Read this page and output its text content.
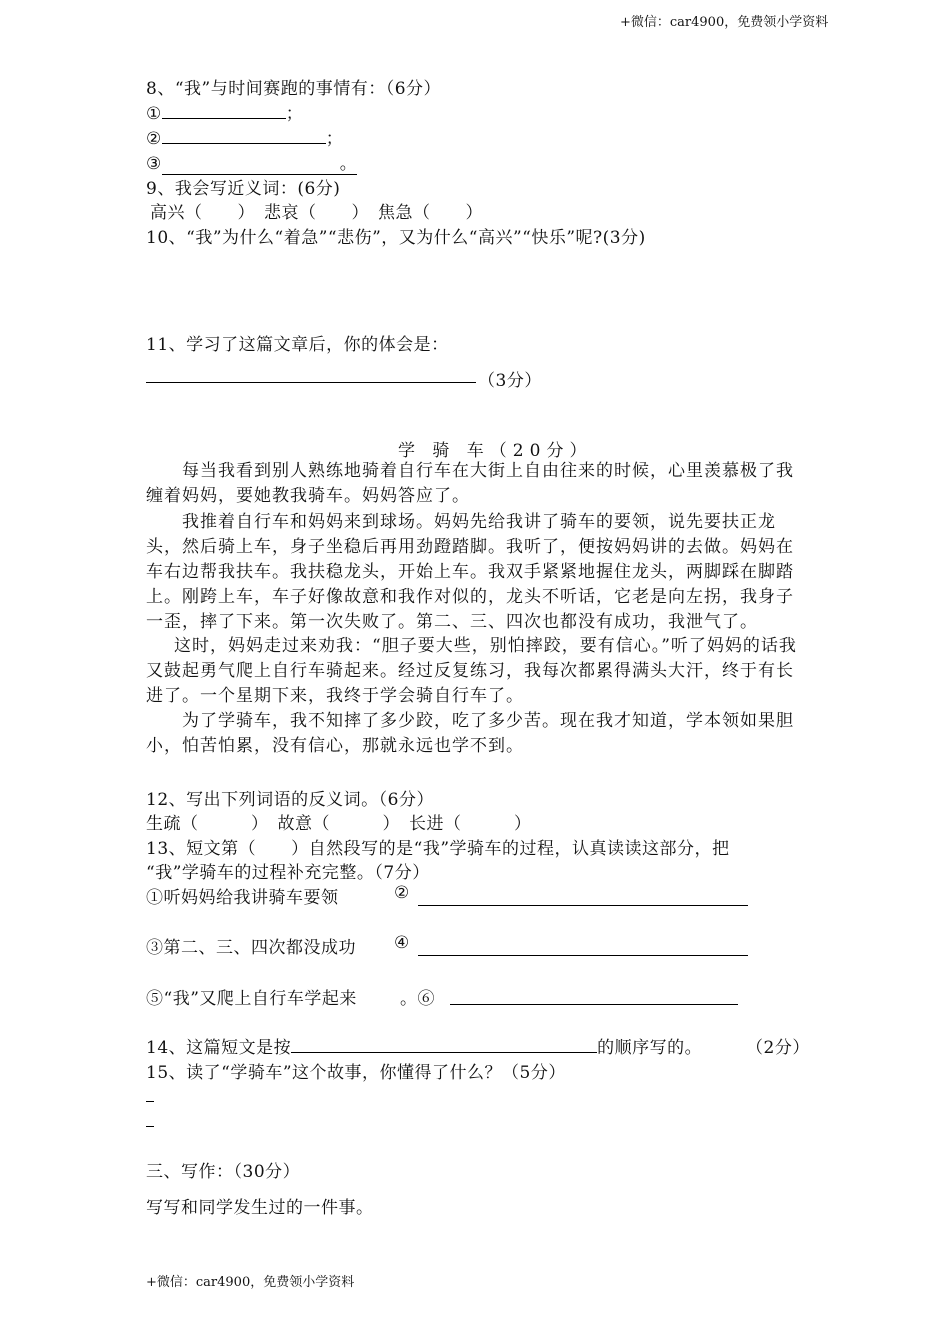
+微信：car4900，免费领小学资料
8、“我”与时间赛跑的事情有：（6分）
①	；
②	；
③	。
9、我会写近义词：(6分)
高兴（　　）　悲哀（　　）　焦急（　　）
10、“我”为什么“着急”“悲伤”，又为什么“高兴”“快乐”呢?(3分)
11、学习了这篇文章后，你的体会是：
（3分）
学 骑 车（20分）
每当我看到别人熟练地骑着自行车在大街上自由往来的时候，心里羡慕极了我缠着妈妈，要她教我骑车。妈妈答应了。
我推着自行车和妈妈来到球场。妈妈先给我讲了骑车的要领，说先要扶正龙头，然后骑上车，身子坐稳后再用劲蹬踏脚。我听了，便按妈妈讲的去做。妈妈在车右边帮我扶车。我扶稳龙头，开始上车。我双手紧紧地握住龙头，两脚踩在脚踏上。刚跨上车，车子好像故意和我作对似的，龙头不听话，它老是向左拐，我身子一歪，摔了下来。第一次失败了。第二、三、四次也都没有成功，我泄气了。
这时，妈妈走过来劝我：“胆子要大些，别怕摔跤，要有信心。”听了妈妈的话我又鼓起勇气爬上自行车骑起来。经过反复练习，我每次都累得满头大汗，终于有长进了。一个星期下来，我终于学会骑自行车了。
为了学骑车，我不知摔了多少跤，吃了多少苦。现在我才知道，学本领如果胆小，怕苦怕累，没有信心，那就永远也学不到。
12、写出下列词语的反义词。（6分）
生疏（　　　）　故意（　　　）　长进（　　　）
13、短文第（　　）自然段写的是“我”学骑车的过程，认真读读这部分，把
“我”学骑车的过程补充完整。（7分）
①听妈妈给我讲骑车要领	②
③第二、三、四次都没成功 ④
⑤“我”又爬上自行车学起来	。⑥
14、这篇短文是按	的顺序写的。	（2分）
15、读了“学骑车”这个故事，你懂得了什么？（5分）
三、写作：（30分）
写写和同学发生过的一件事。
+微信：car4900，免费领小学资料
